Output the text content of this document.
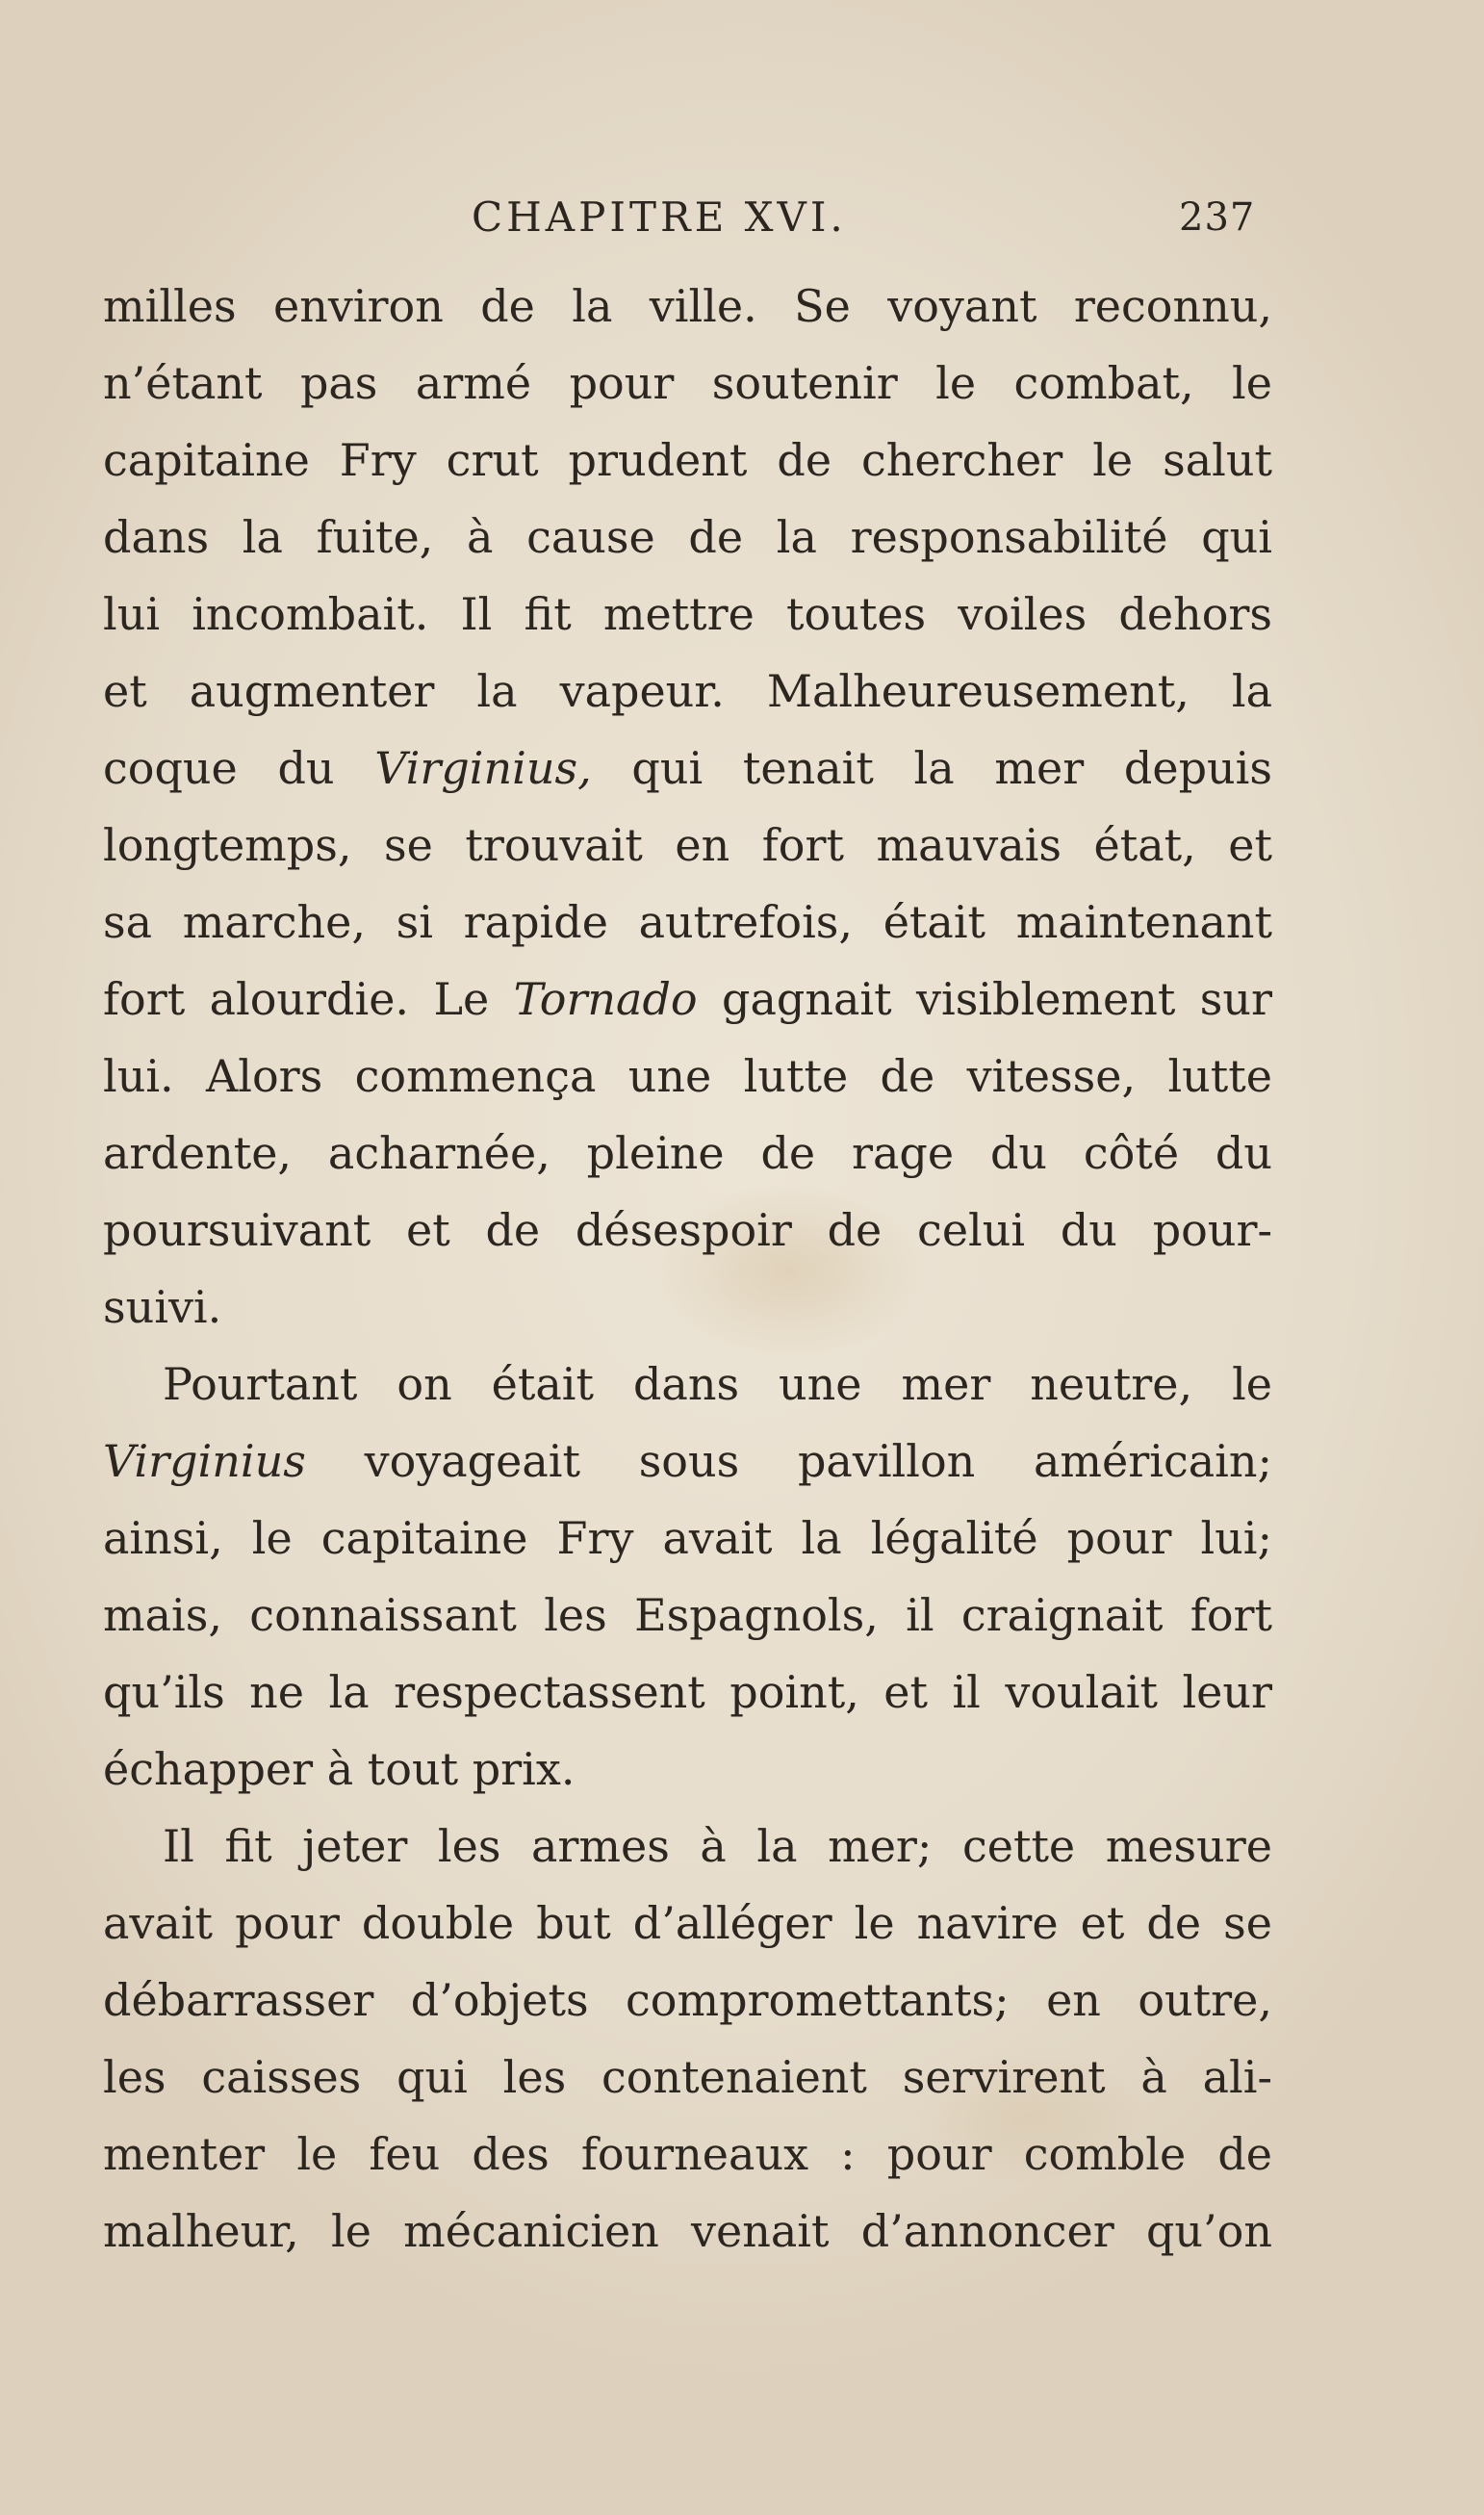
CHAPITRE XVI.	237
milles environ de la ville. Se voyant reconnu,
n’étant pas armé pour soutenir le combat, le
capitaine Fry crut prudent de chercher le salut
dans la fuite, à cause de la responsabilité qui
lui incombait. Il fit mettre toutes voiles dehors
et augmenter la vapeur. Malheureusement, la
coque du Virginius, qui tenait la mer depuis
longtemps, se trouvait en fort mauvais état, et
sa marche, si rapide autrefois, était maintenant
fort alourdie. Le Tornado gagnait visiblement sur
lui. Alors commença une lutte de vitesse, lutte
ardente, acharnée, pleine de rage du côté du
poursuivant et de désespoir de celui du pour-
suivi.
Pourtant on était dans une mer neutre, le
Virginius voyageait sous pavillon américain;
ainsi, le capitaine Fry avait la légalité pour lui;
mais, connaissant les Espagnols, il craignait fort
qu’ils ne la respectassent point, et il voulait leur
échapper à tout prix.
Il fit jeter les armes à la mer; cette mesure
avait pour double but d’alléger le navire et de se
débarrasser d’objets compromettants; en outre,
les caisses qui les contenaient servirent à ali-
menter le feu des fourneaux : pour comble de
malheur, le mécanicien venait d’annoncer qu’on
